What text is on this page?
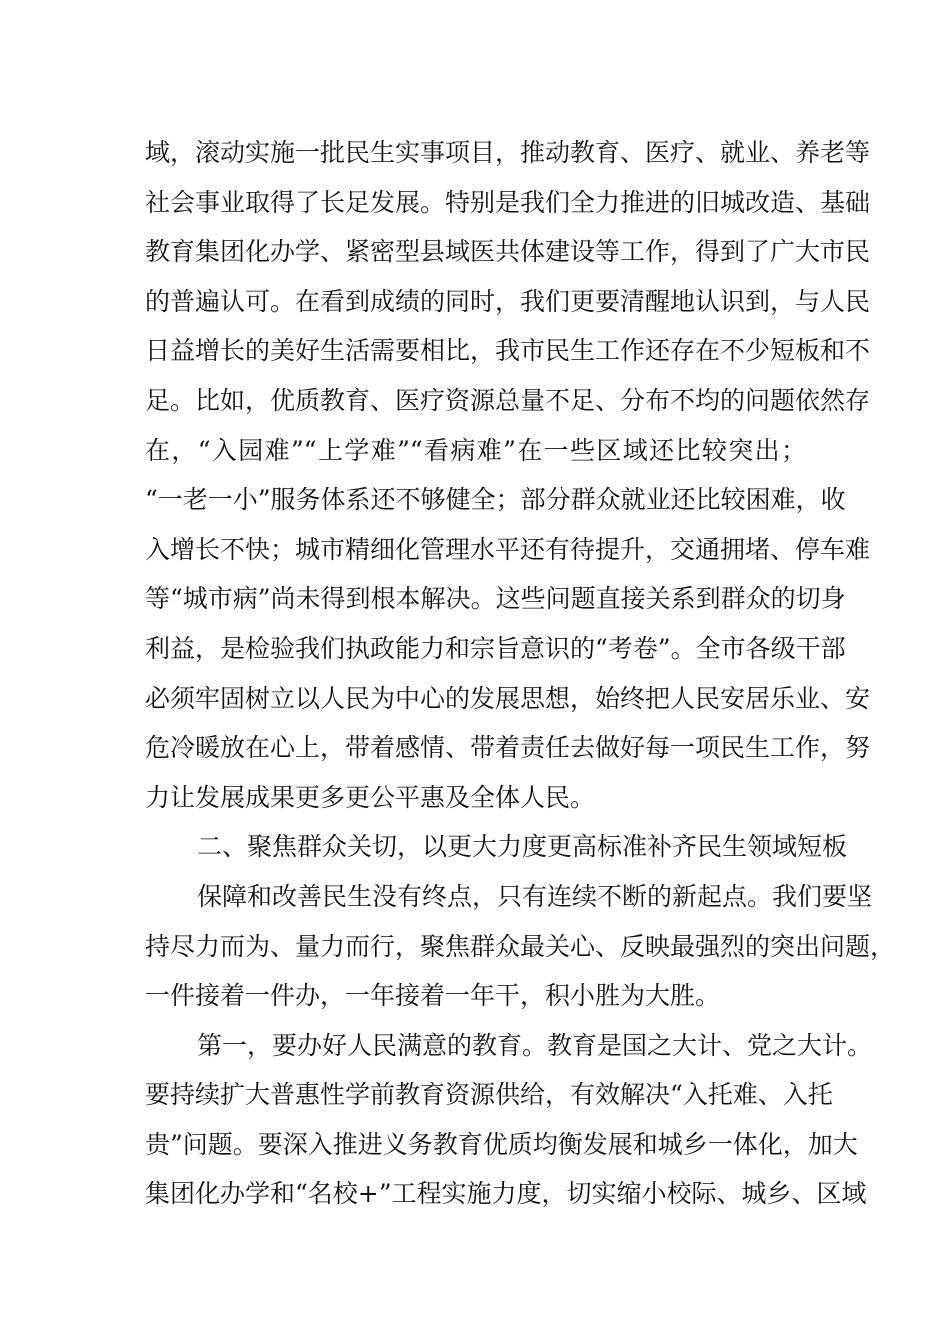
域，滚动实施一批民生实事项目，推动教育、医疗、就业、养老等
社会事业取得了长足发展。特别是我们全力推进的旧城改造、基础
教育集团化办学、紧密型县域医共体建设等工作，得到了广大市民
的普遍认可。在看到成绩的同时，我们更要清醒地认识到，与人民
日益增长的美好生活需要相比，我市民生工作还存在不少短板和不
足。比如，优质教育、医疗资源总量不足、分布不均的问题依然存
在，“入园难”“上学难”“看病难”在一些区域还比较突出；
“一老一小”服务体系还不够健全；部分群众就业还比较困难，收
入增长不快；城市精细化管理水平还有待提升，交通拥堵、停车难
等“城市病”尚未得到根本解决。这些问题直接关系到群众的切身
利益，是检验我们执政能力和宗旨意识的“考卷”。全市各级干部
必须牢固树立以人民为中心的发展思想，始终把人民安居乐业、安
危冷暖放在心上，带着感情、带着责任去做好每一项民生工作，努
力让发展成果更多更公平惠及全体人民。
二、聚焦群众关切，以更大力度更高标准补齐民生领域短板
保障和改善民生没有终点，只有连续不断的新起点。我们要坚
持尽力而为、量力而行，聚焦群众最关心、反映最强烈的突出问题，
一件接着一件办，一年接着一年干，积小胜为大胜。
第一，要办好人民满意的教育。教育是国之大计、党之大计。
要持续扩大普惠性学前教育资源供给，有效解决“入托难、入托
贵”问题。要深入推进义务教育优质均衡发展和城乡一体化，加大
集团化办学和“名校+”工程实施力度，切实缩小校际、城乡、区域
